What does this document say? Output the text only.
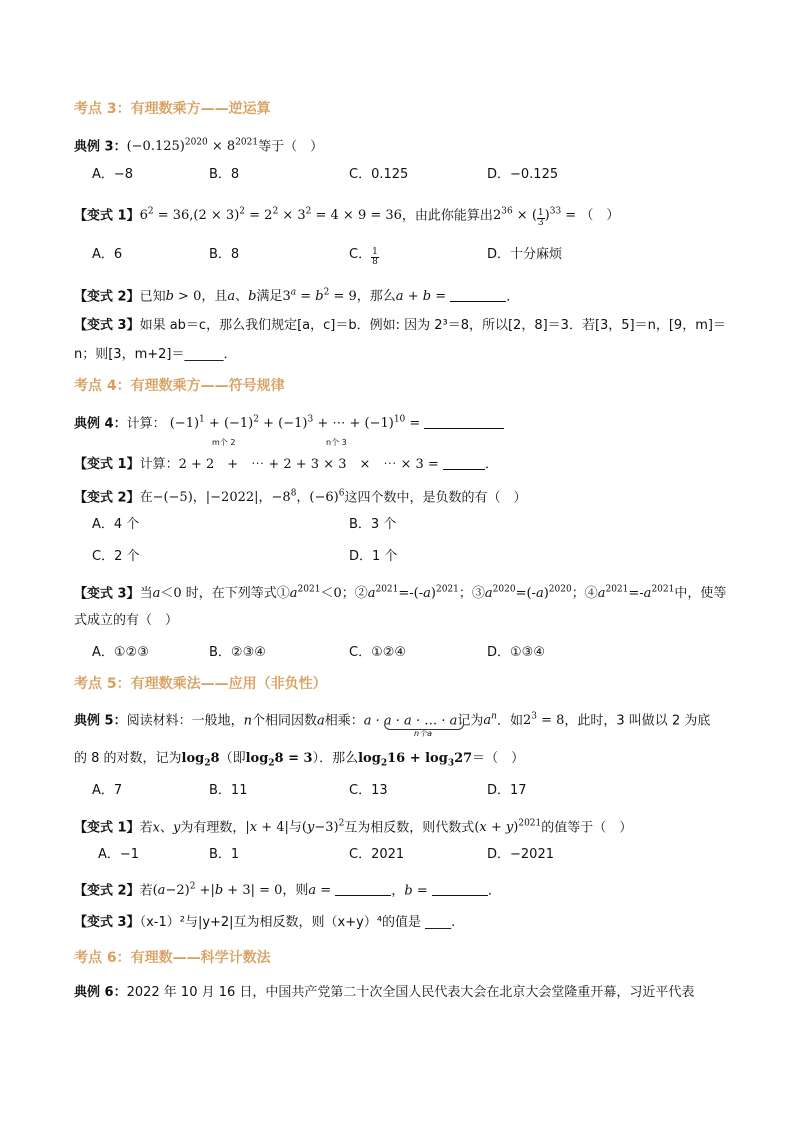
考点 3：有理数乘方——逆运算
典例 3：$(-0.125)^{2020} \times 8^{2021}$等于（　）
A．−8	B．8	C．0.125	D．−0.125
【变式 1】$6^2 = 36,(2 \times 3)^2 = 2^2 \times 3^2 = 4 \times 9 = 36$，由此你能算出$2^{36}$ × ( $\frac{1}{3} )^{33}$ = （　）
A．6	B．8	C． $\frac{1}{8}$	D．十分麻烦
【变式 2】已知b > 0，且a、b满足$3^a = b^2 = 9$，那么a + b =	．
【变式 3】如果 ab＝c，那么我们规定[a，c]＝b．例如: 因为 2³＝8，所以[2，8]＝3．若[3，5]＝n，[9，m]＝
n；则[3，m+2]＝______．
考点 4：有理数乘方——符号规律
典例 4：计算： $(-1)^1 + (-1)^2 + (-1)^3$ + ⋯ + $(-1)^{10}$ =
m个 2	n个 3
【变式 1】计算：2 + 2　+　⋯ + 2 + 3 × 3　×　⋯ × 3 =	．
【变式 2】在−(−5)，|−2022|，$-8^8$，$(-6)^6$这四个数中，是负数的有（　）
A．4 个	B．3 个
C．2 个	D．1 个
【变式 3】当a＜0 时，在下列等式$①a^{2021}<0$；$②a^{2021}=-(-a)^{2021}$；$③a^{2020}=(-a)^{2020}$；$④a^{2021}=-a^{2021}$中，使等
式成立的有（　）
A．①②③	B．②③④	C．①②④	D．①③④
考点 5：有理数乘法——应用（非负性）
典例 5：阅读材料：一般地，n个相同因数a相乘：a · a · a · … · a记为$a^n$．如$2^3 = 8$，此时，3 叫做以 2 为底
n个a
的 8 的对数，记为$\log_28$（即$\log_28 = 3$）．那么$\log_216 + \log_327=$（　）
A．7	B．11	C．13	D．17
【变式 1】若x、y为有理数，|x + 4|与$(y-3)^2$互为相反数，则代数式$(x + y)^{2021}$的值等于（　）
A．−1	B．1	C．2021	D．−2021
【变式 2】若$(a-2)^2 +|b + 3| = 0$，则a =	，b =	．
【变式 3】（x-1）²与|y+2|互为相反数，则（x+y）⁴的值是 ____.
考点 6：有理数——科学计数法
典例 6：2022 年 10 月 16 日，中国共产党第二十次全国人民代表大会在北京大会堂隆重开幕，习近平代表
